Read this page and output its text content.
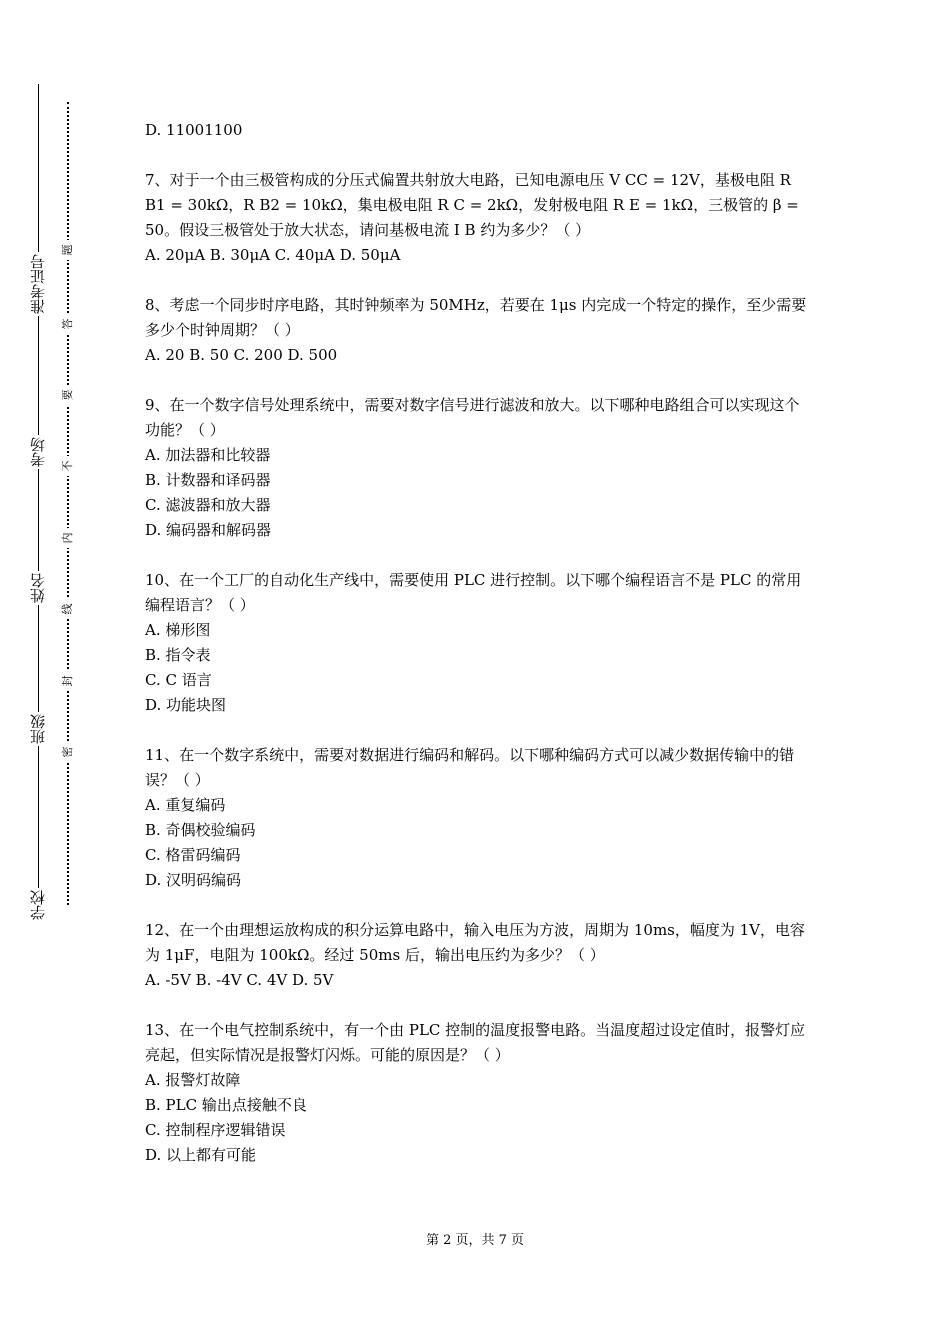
准考证号
考场
姓名
班级
学校
题
答
要
不
内
线
封
密

D. 11001100

7、对于一个由三极管构成的分压式偏置共射放大电路，已知电源电压 V CC = 12V，基极电阻 R B1 = 30kΩ，R B2 = 10kΩ，集电极电阻 R C = 2kΩ，发射极电阻 R E = 1kΩ，三极管的 β = 50。假设三极管处于放大状态，请问基极电流 I B 约为多少？（ ）

A. 20μA B. 30μA C. 40μA D. 50μA

8、考虑一个同步时序电路，其时钟频率为 50MHz，若要在 1μs 内完成一个特定的操作，至少需要多少个时钟周期？（ ）

A. 20 B. 50 C. 200 D. 500

9、在一个数字信号处理系统中，需要对数字信号进行滤波和放大。以下哪种电路组合可以实现这个功能？（ ）

A. 加法器和比较器

B. 计数器和译码器

C. 滤波器和放大器

D. 编码器和解码器

10、在一个工厂的自动化生产线中，需要使用 PLC 进行控制。以下哪个编程语言不是 PLC 的常用编程语言？（ ）

A. 梯形图

B. 指令表

C. C 语言

D. 功能块图

11、在一个数字系统中，需要对数据进行编码和解码。以下哪种编码方式可以减少数据传输中的错误？（ ）

A. 重复编码

B. 奇偶校验编码

C. 格雷码编码

D. 汉明码编码

12、在一个由理想运放构成的积分运算电路中，输入电压为方波，周期为 10ms，幅度为 1V，电容为 1μF，电阻为 100kΩ。经过 50ms 后，输出电压约为多少？（ ）

A. -5V B. -4V C. 4V D. 5V

13、在一个电气控制系统中，有一个由 PLC 控制的温度报警电路。当温度超过设定值时，报警灯应亮起，但实际情况是报警灯闪烁。可能的原因是？（ ）

A. 报警灯故障

B. PLC 输出点接触不良

C. 控制程序逻辑错误

D. 以上都有可能

第 2 页，共 7 页
